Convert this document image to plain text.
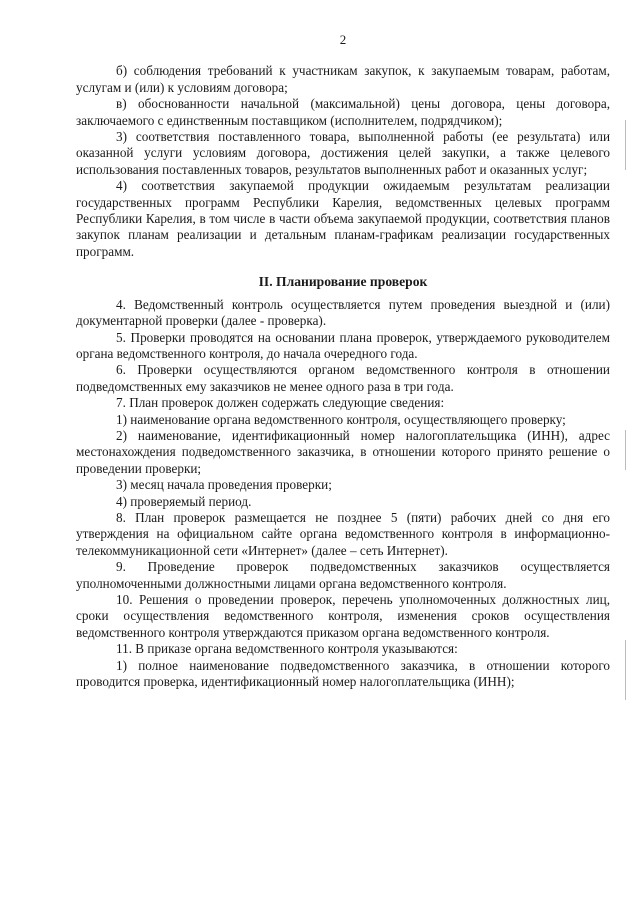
2

б) соблюдения требований к участникам закупок, к закупаемым товарам, работам, услугам и (или) к условиям договора;

в) обоснованности начальной (максимальной) цены договора, цены договора, заключаемого с единственным поставщиком (исполнителем, подрядчиком);

3) соответствия поставленного товара, выполненной работы (ее результата) или оказанной услуги условиям договора, достижения целей закупки, а также целевого использования поставленных товаров, результатов выполненных работ и оказанных услуг;

4) соответствия закупаемой продукции ожидаемым результатам реализации государственных программ Республики Карелия, ведомственных целевых программ Республики Карелия, в том числе в части объема закупаемой продукции, соответствия планов закупок планам реализации и детальным планам-графикам реализации государственных программ.

II. Планирование проверок

4. Ведомственный контроль осуществляется путем проведения выездной и (или) документарной проверки (далее - проверка).

5. Проверки проводятся на основании плана проверок, утверждаемого руководителем органа ведомственного контроля, до начала очередного года.

6. Проверки осуществляются органом ведомственного контроля в отношении подведомственных ему заказчиков не менее одного раза в три года.

7. План проверок должен содержать следующие сведения:

1) наименование органа ведомственного контроля, осуществляющего проверку;

2) наименование, идентификационный номер налогоплательщика (ИНН), адрес местонахождения подведомственного заказчика, в отношении которого принято решение о проведении проверки;

3) месяц начала проведения проверки;

4) проверяемый период.

8. План проверок размещается не позднее 5 (пяти) рабочих дней со дня его утверждения на официальном сайте органа ведомственного контроля в информационно-телекоммуникационной сети «Интернет» (далее – сеть Интернет).

9. Проведение проверок подведомственных заказчиков осуществляется уполномоченными должностными лицами органа ведомственного контроля.

10. Решения о проведении проверок, перечень уполномоченных должностных лиц, сроки осуществления ведомственного контроля, изменения сроков осуществления ведомственного контроля утверждаются приказом органа ведомственного контроля.

11. В приказе органа ведомственного контроля указываются:

1) полное наименование подведомственного заказчика, в отношении которого проводится проверка, идентификационный номер налогоплательщика (ИНН);
